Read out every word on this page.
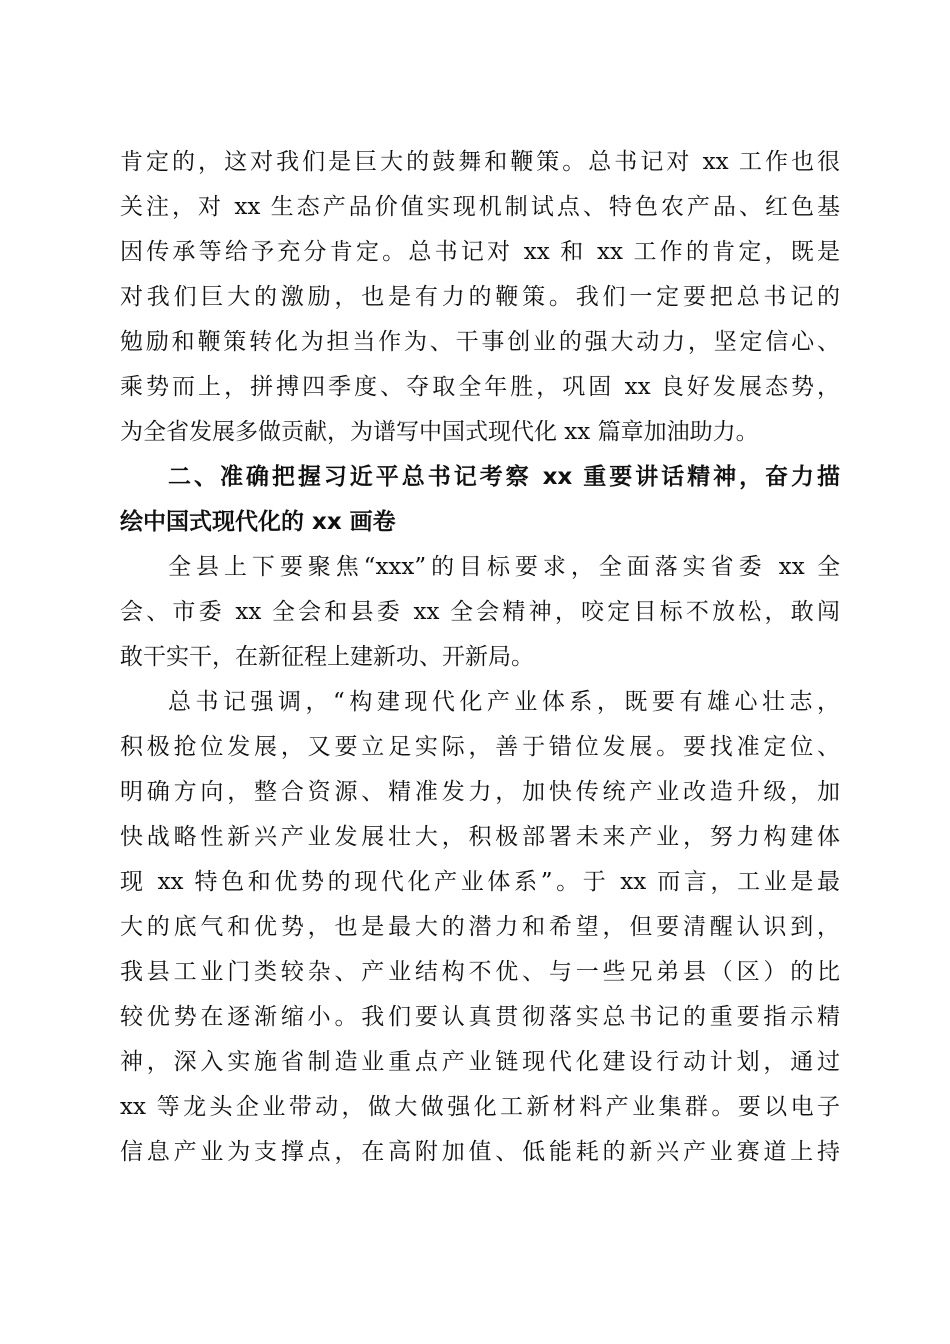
肯定的，这对我们是巨大的鼓舞和鞭策。总书记对 xx 工作也很
关注，对 xx 生态产品价值实现机制试点、特色农产品、红色基
因传承等给予充分肯定。总书记对 xx 和 xx 工作的肯定，既是
对我们巨大的激励，也是有力的鞭策。我们一定要把总书记的
勉励和鞭策转化为担当作为、干事创业的强大动力，坚定信心、
乘势而上，拼搏四季度、夺取全年胜，巩固 xx 良好发展态势，
为全省发展多做贡献，为谱写中国式现代化 xx 篇章加油助力。
二、准确把握习近平总书记考察 xx 重要讲话精神，奋力描
绘中国式现代化的 xx 画卷
全县上下要聚焦“xxx”的目标要求，全面落实省委 xx 全
会、市委 xx 全会和县委 xx 全会精神，咬定目标不放松，敢闯
敢干实干，在新征程上建新功、开新局。
总书记强调，“构建现代化产业体系，既要有雄心壮志，
积极抢位发展，又要立足实际，善于错位发展。要找准定位、
明确方向，整合资源、精准发力，加快传统产业改造升级，加
快战略性新兴产业发展壮大，积极部署未来产业，努力构建体
现 xx 特色和优势的现代化产业体系”。于 xx 而言，工业是最
大的底气和优势，也是最大的潜力和希望，但要清醒认识到，
我县工业门类较杂、产业结构不优、与一些兄弟县（区）的比
较优势在逐渐缩小。我们要认真贯彻落实总书记的重要指示精
神，深入实施省制造业重点产业链现代化建设行动计划，通过
xx 等龙头企业带动，做大做强化工新材料产业集群。要以电子
信息产业为支撑点，在高附加值、低能耗的新兴产业赛道上持
